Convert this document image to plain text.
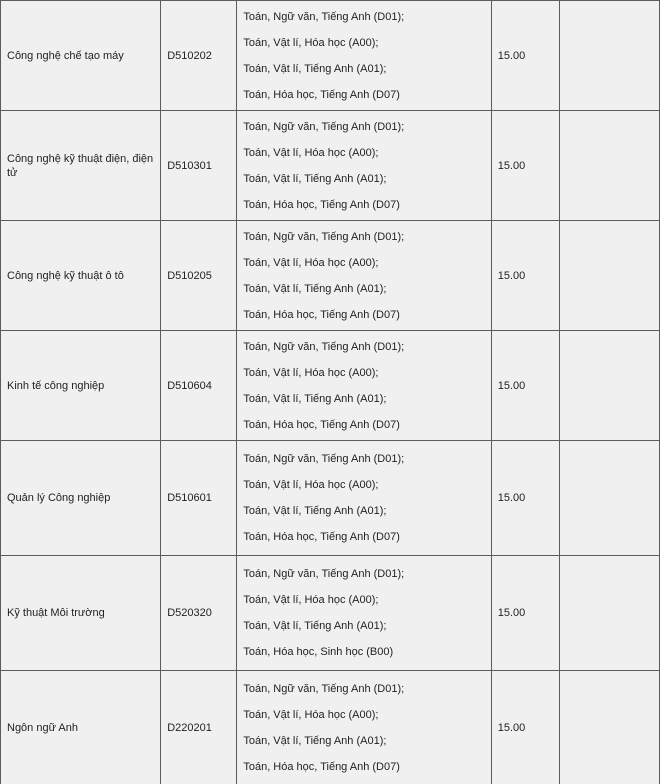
Công nghệ chế tạo máy	D510202	Toán, Ngữ văn, Tiếng Anh (D01);
Toán, Vật lí, Hóa học (A00);
Toán, Vật lí, Tiếng Anh (A01);
Toán, Hóa học, Tiếng Anh (D07)	15.00	
Công nghệ kỹ thuật điện, điện tử	D510301	Toán, Ngữ văn, Tiếng Anh (D01);
Toán, Vật lí, Hóa học (A00);
Toán, Vật lí, Tiếng Anh (A01);
Toán, Hóa học, Tiếng Anh (D07)	15.00	
Công nghệ kỹ thuật ô tô	D510205	Toán, Ngữ văn, Tiếng Anh (D01);
Toán, Vật lí, Hóa học (A00);
Toán, Vật lí, Tiếng Anh (A01);
Toán, Hóa học, Tiếng Anh (D07)	15.00	
Kinh tế công nghiệp	D510604	Toán, Ngữ văn, Tiếng Anh (D01);
Toán, Vật lí, Hóa học (A00);
Toán, Vật lí, Tiếng Anh (A01);
Toán, Hóa học, Tiếng Anh (D07)	15.00	
Quản lý Công nghiệp	D510601	Toán, Ngữ văn, Tiếng Anh (D01);
Toán, Vật lí, Hóa học (A00);
Toán, Vật lí, Tiếng Anh (A01);
Toán, Hóa học, Tiếng Anh (D07)	15.00	
Kỹ thuật Môi trường	D520320	Toán, Ngữ văn, Tiếng Anh (D01);
Toán, Vật lí, Hóa học (A00);
Toán, Vật lí, Tiếng Anh (A01);
Toán, Hóa học, Sinh học (B00)	15.00	
Ngôn ngữ Anh	D220201	Toán, Ngữ văn, Tiếng Anh (D01);
Toán, Vật lí, Hóa học (A00);
Toán, Vật lí, Tiếng Anh (A01);
Toán, Hóa học, Tiếng Anh (D07)	15.00	
